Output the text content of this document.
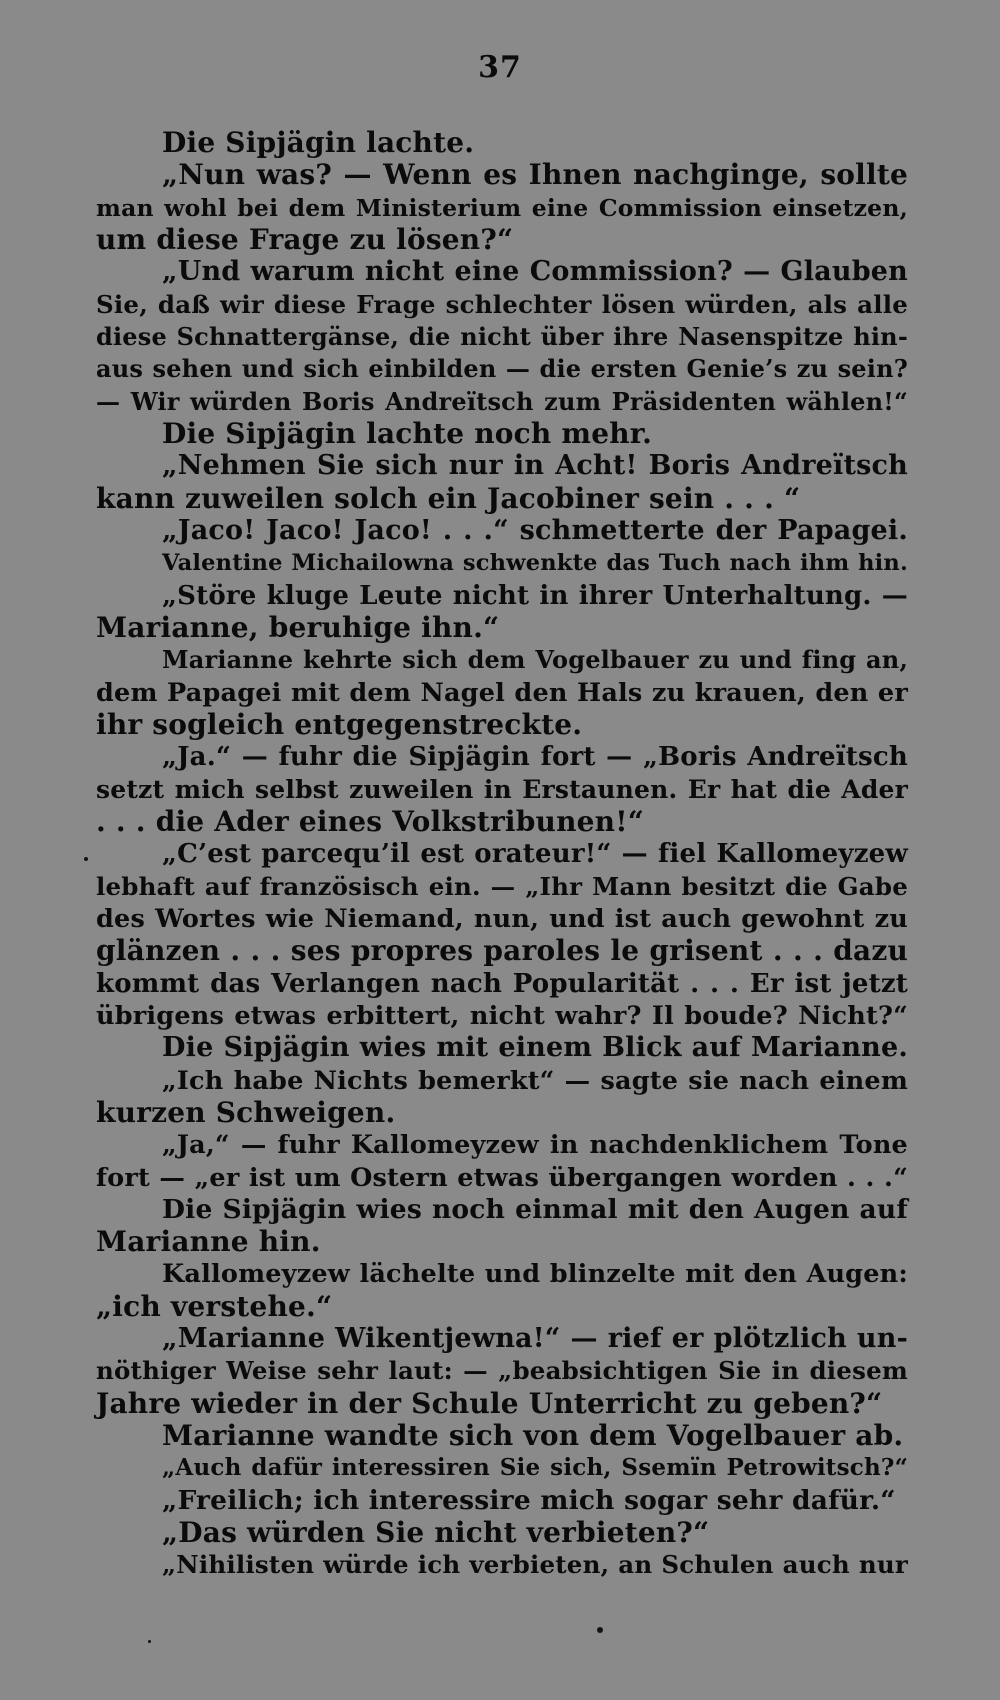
37
Die Sipjägin lachte.
„Nun was? — Wenn es Ihnen nachginge, sollte
man wohl bei dem Ministerium eine Commission einsetzen,
um diese Frage zu lösen?“
„Und warum nicht eine Commission? — Glauben
Sie, daß wir diese Frage schlechter lösen würden, als alle
diese Schnattergänse, die nicht über ihre Nasenspitze hin-
aus sehen und sich einbilden — die ersten Genie’s zu sein?
— Wir würden Boris Andreïtsch zum Präsidenten wählen!“
Die Sipjägin lachte noch mehr.
„Nehmen Sie sich nur in Acht! Boris Andreïtsch
kann zuweilen solch ein Jacobiner sein . . . “
„Jaco! Jaco! Jaco! . . .“ schmetterte der Papagei.
Valentine Michailowna schwenkte das Tuch nach ihm hin.
„Störe kluge Leute nicht in ihrer Unterhaltung. —
Marianne, beruhige ihn.“
Marianne kehrte sich dem Vogelbauer zu und fing an,
dem Papagei mit dem Nagel den Hals zu krauen, den er
ihr sogleich entgegenstreckte.
„Ja.“ — fuhr die Sipjägin fort — „Boris Andreïtsch
setzt mich selbst zuweilen in Erstaunen. Er hat die Ader
. . . die Ader eines Volkstribunen!“
„C’est parcequ’il est orateur!“ — fiel Kallomeyzew
lebhaft auf französisch ein. — „Ihr Mann besitzt die Gabe
des Wortes wie Niemand, nun, und ist auch gewohnt zu
glänzen . . . ses propres paroles le grisent . . . dazu
kommt das Verlangen nach Popularität . . . Er ist jetzt
übrigens etwas erbittert, nicht wahr? Il boude? Nicht?“
Die Sipjägin wies mit einem Blick auf Marianne.
„Ich habe Nichts bemerkt“ — sagte sie nach einem
kurzen Schweigen.
„Ja,“ — fuhr Kallomeyzew in nachdenklichem Tone
fort — „er ist um Ostern etwas übergangen worden . . .“
Die Sipjägin wies noch einmal mit den Augen auf
Marianne hin.
Kallomeyzew lächelte und blinzelte mit den Augen:
„ich verstehe.“
„Marianne Wikentjewna!“ — rief er plötzlich un-
nöthiger Weise sehr laut: — „beabsichtigen Sie in diesem
Jahre wieder in der Schule Unterricht zu geben?“
Marianne wandte sich von dem Vogelbauer ab.
„Auch dafür interessiren Sie sich, Ssemïn Petrowitsch?“
„Freilich; ich interessire mich sogar sehr dafür.“
„Das würden Sie nicht verbieten?“
„Nihilisten würde ich verbieten, an Schulen auch nur
